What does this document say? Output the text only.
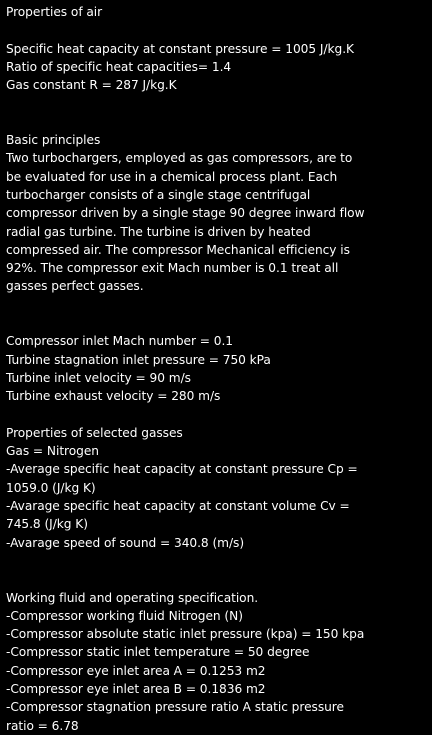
Properties of air
Specific heat capacity at constant pressure = 1005 J/kg.K
Ratio of specific heat capacities= 1.4
Gas constant R = 287 J/kg.K
Basic principles
Two turbochargers, employed as gas compressors, are to
be evaluated for use in a chemical process plant. Each
turbocharger consists of a single stage centrifugal
compressor driven by a single stage 90 degree inward flow
radial gas turbine. The turbine is driven by heated
compressed air. The compressor Mechanical efficiency is
92%. The compressor exit Mach number is 0.1 treat all
gasses perfect gasses.
Compressor inlet Mach number = 0.1
Turbine stagnation inlet pressure = 750 kPa
Turbine inlet velocity = 90 m/s
Turbine exhaust velocity = 280 m/s
Properties of selected gasses
Gas = Nitrogen
-Average specific heat capacity at constant pressure Cp =
1059.0 (J/kg K)
-Avarage specific heat capacity at constant volume Cv =
745.8 (J/kg K)
-Avarage speed of sound = 340.8 (m/s)
Working fluid and operating specification.
-Compressor working fluid Nitrogen (N)
-Compressor absolute static inlet pressure (kpa) = 150 kpa
-Compressor static inlet temperature = 50 degree
-Compressor eye inlet area A = 0.1253 m2
-Compressor eye inlet area B = 0.1836 m2
-Compressor stagnation pressure ratio A static pressure
ratio = 6.78
